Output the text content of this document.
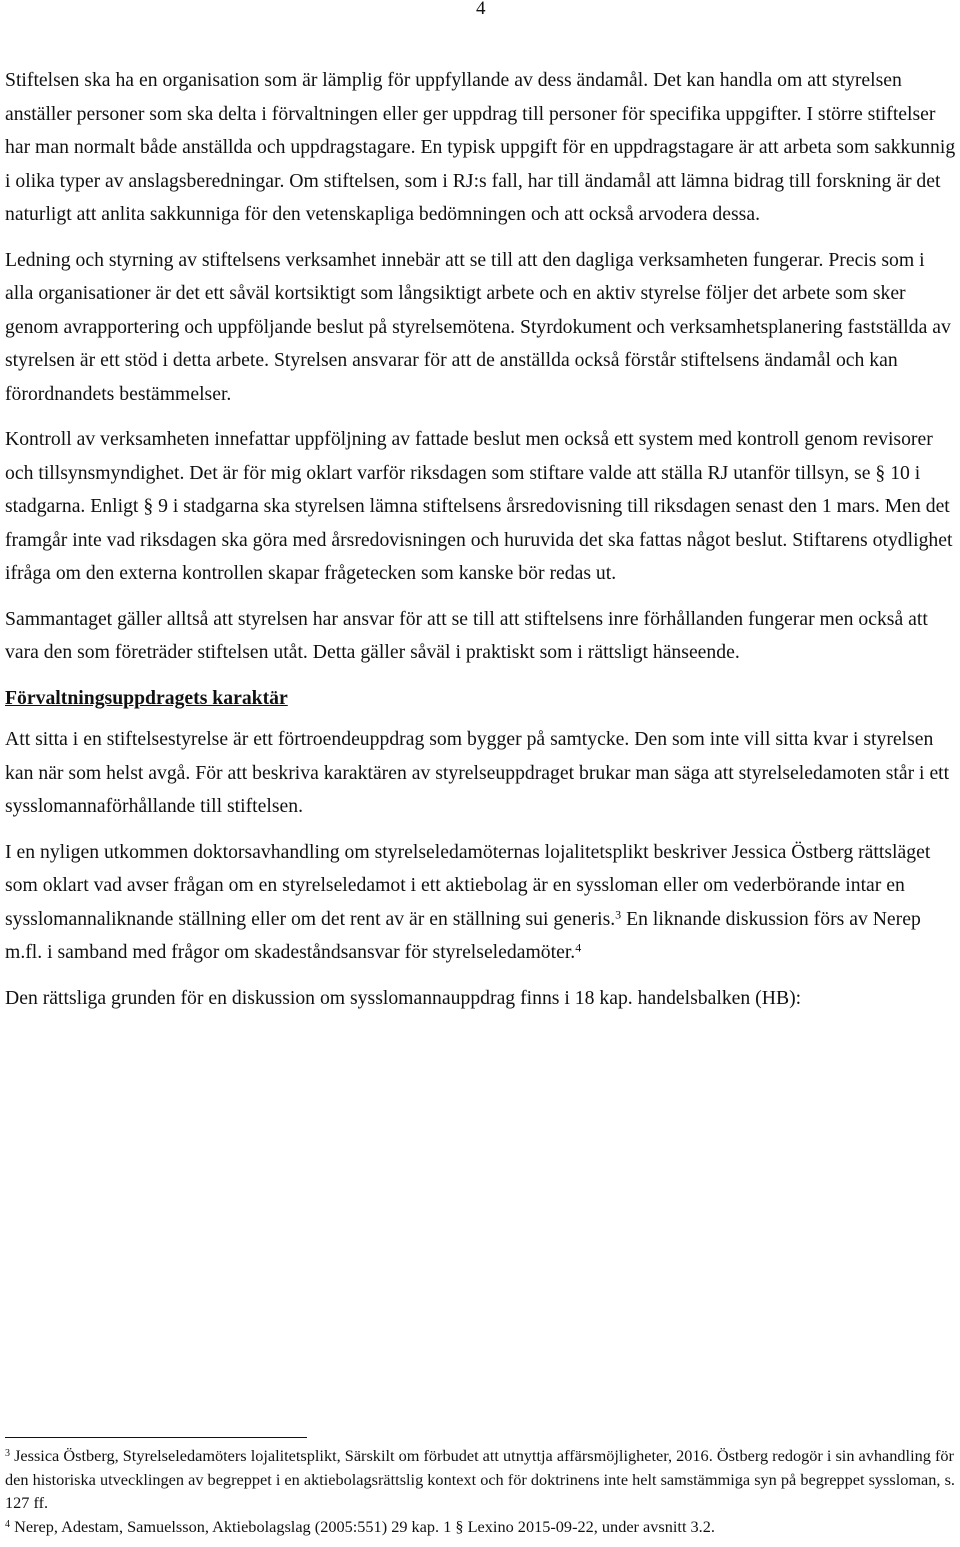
4

Stiftelsen ska ha en organisation som är lämplig för uppfyllande av dess ändamål. Det kan handla om att styrelsen anställer personer som ska delta i förvaltningen eller ger uppdrag till personer för specifika uppgifter. I större stiftelser har man normalt både anställda och uppdragstagare. En typisk uppgift för en uppdragstagare är att arbeta som sakkunnig i olika typer av anslagsberedningar. Om stiftelsen, som i RJ:s fall, har till ändamål att lämna bidrag till forskning är det naturligt att anlita sakkunniga för den vetenskapliga bedömningen och att också arvodera dessa.

Ledning och styrning av stiftelsens verksamhet innebär att se till att den dagliga verksamheten fungerar. Precis som i alla organisationer är det ett såväl kortsiktigt som långsiktigt arbete och en aktiv styrelse följer det arbete som sker genom avrapportering och uppföljande beslut på styrelsemötena. Styrdokument och verksamhetsplanering fastställda av styrelsen är ett stöd i detta arbete. Styrelsen ansvarar för att de anställda också förstår stiftelsens ändamål och kan förordnandets bestämmelser.

Kontroll av verksamheten innefattar uppföljning av fattade beslut men också ett system med kontroll genom revisorer och tillsynsmyndighet. Det är för mig oklart varför riksdagen som stiftare valde att ställa RJ utanför tillsyn, se § 10 i stadgarna. Enligt § 9 i stadgarna ska styrelsen lämna stiftelsens årsredovisning till riksdagen senast den 1 mars. Men det framgår inte vad riksdagen ska göra med årsredovisningen och huruvida det ska fattas något beslut. Stiftarens otydlighet ifråga om den externa kontrollen skapar frågetecken som kanske bör redas ut.

Sammantaget gäller alltså att styrelsen har ansvar för att se till att stiftelsens inre förhållanden fungerar men också att vara den som företräder stiftelsen utåt. Detta gäller såväl i praktiskt som i rättsligt hänseende.

Förvaltningsuppdragets karaktär

Att sitta i en stiftelsestyrelse är ett förtroendeuppdrag som bygger på samtycke. Den som inte vill sitta kvar i styrelsen kan när som helst avgå. För att beskriva karaktären av styrelseuppdraget brukar man säga att styrelseledamoten står i ett sysslomannaförhållande till stiftelsen.

I en nyligen utkommen doktorsavhandling om styrelseledamöternas lojalitetsplikt beskriver Jessica Östberg rättsläget som oklart vad avser frågan om en styrelseledamot i ett aktiebolag är en syssloman eller om vederbörande intar en sysslomannaliknande ställning eller om det rent av är en ställning sui generis.$^3$ En liknande diskussion förs av Nerep m.fl. i samband med frågor om skadeståndsansvar för styrelseledamöter.$^4$

Den rättsliga grunden för en diskussion om sysslomannauppdrag finns i 18 kap. handelsbalken (HB):

$^3$ Jessica Östberg, Styrelseledamöters lojalitetsplikt, Särskilt om förbudet att utnyttja affärsmöjligheter, 2016. Östberg redogör i sin avhandling för den historiska utvecklingen av begreppet i en aktiebolagsrättslig kontext och för doktrinens inte helt samstämmiga syn på begreppet syssloman, s. 127 ff.

$^4$ Nerep, Adestam, Samuelsson, Aktiebolagslag (2005:551) 29 kap. 1 § Lexino 2015-09-22, under avsnitt 3.2.
